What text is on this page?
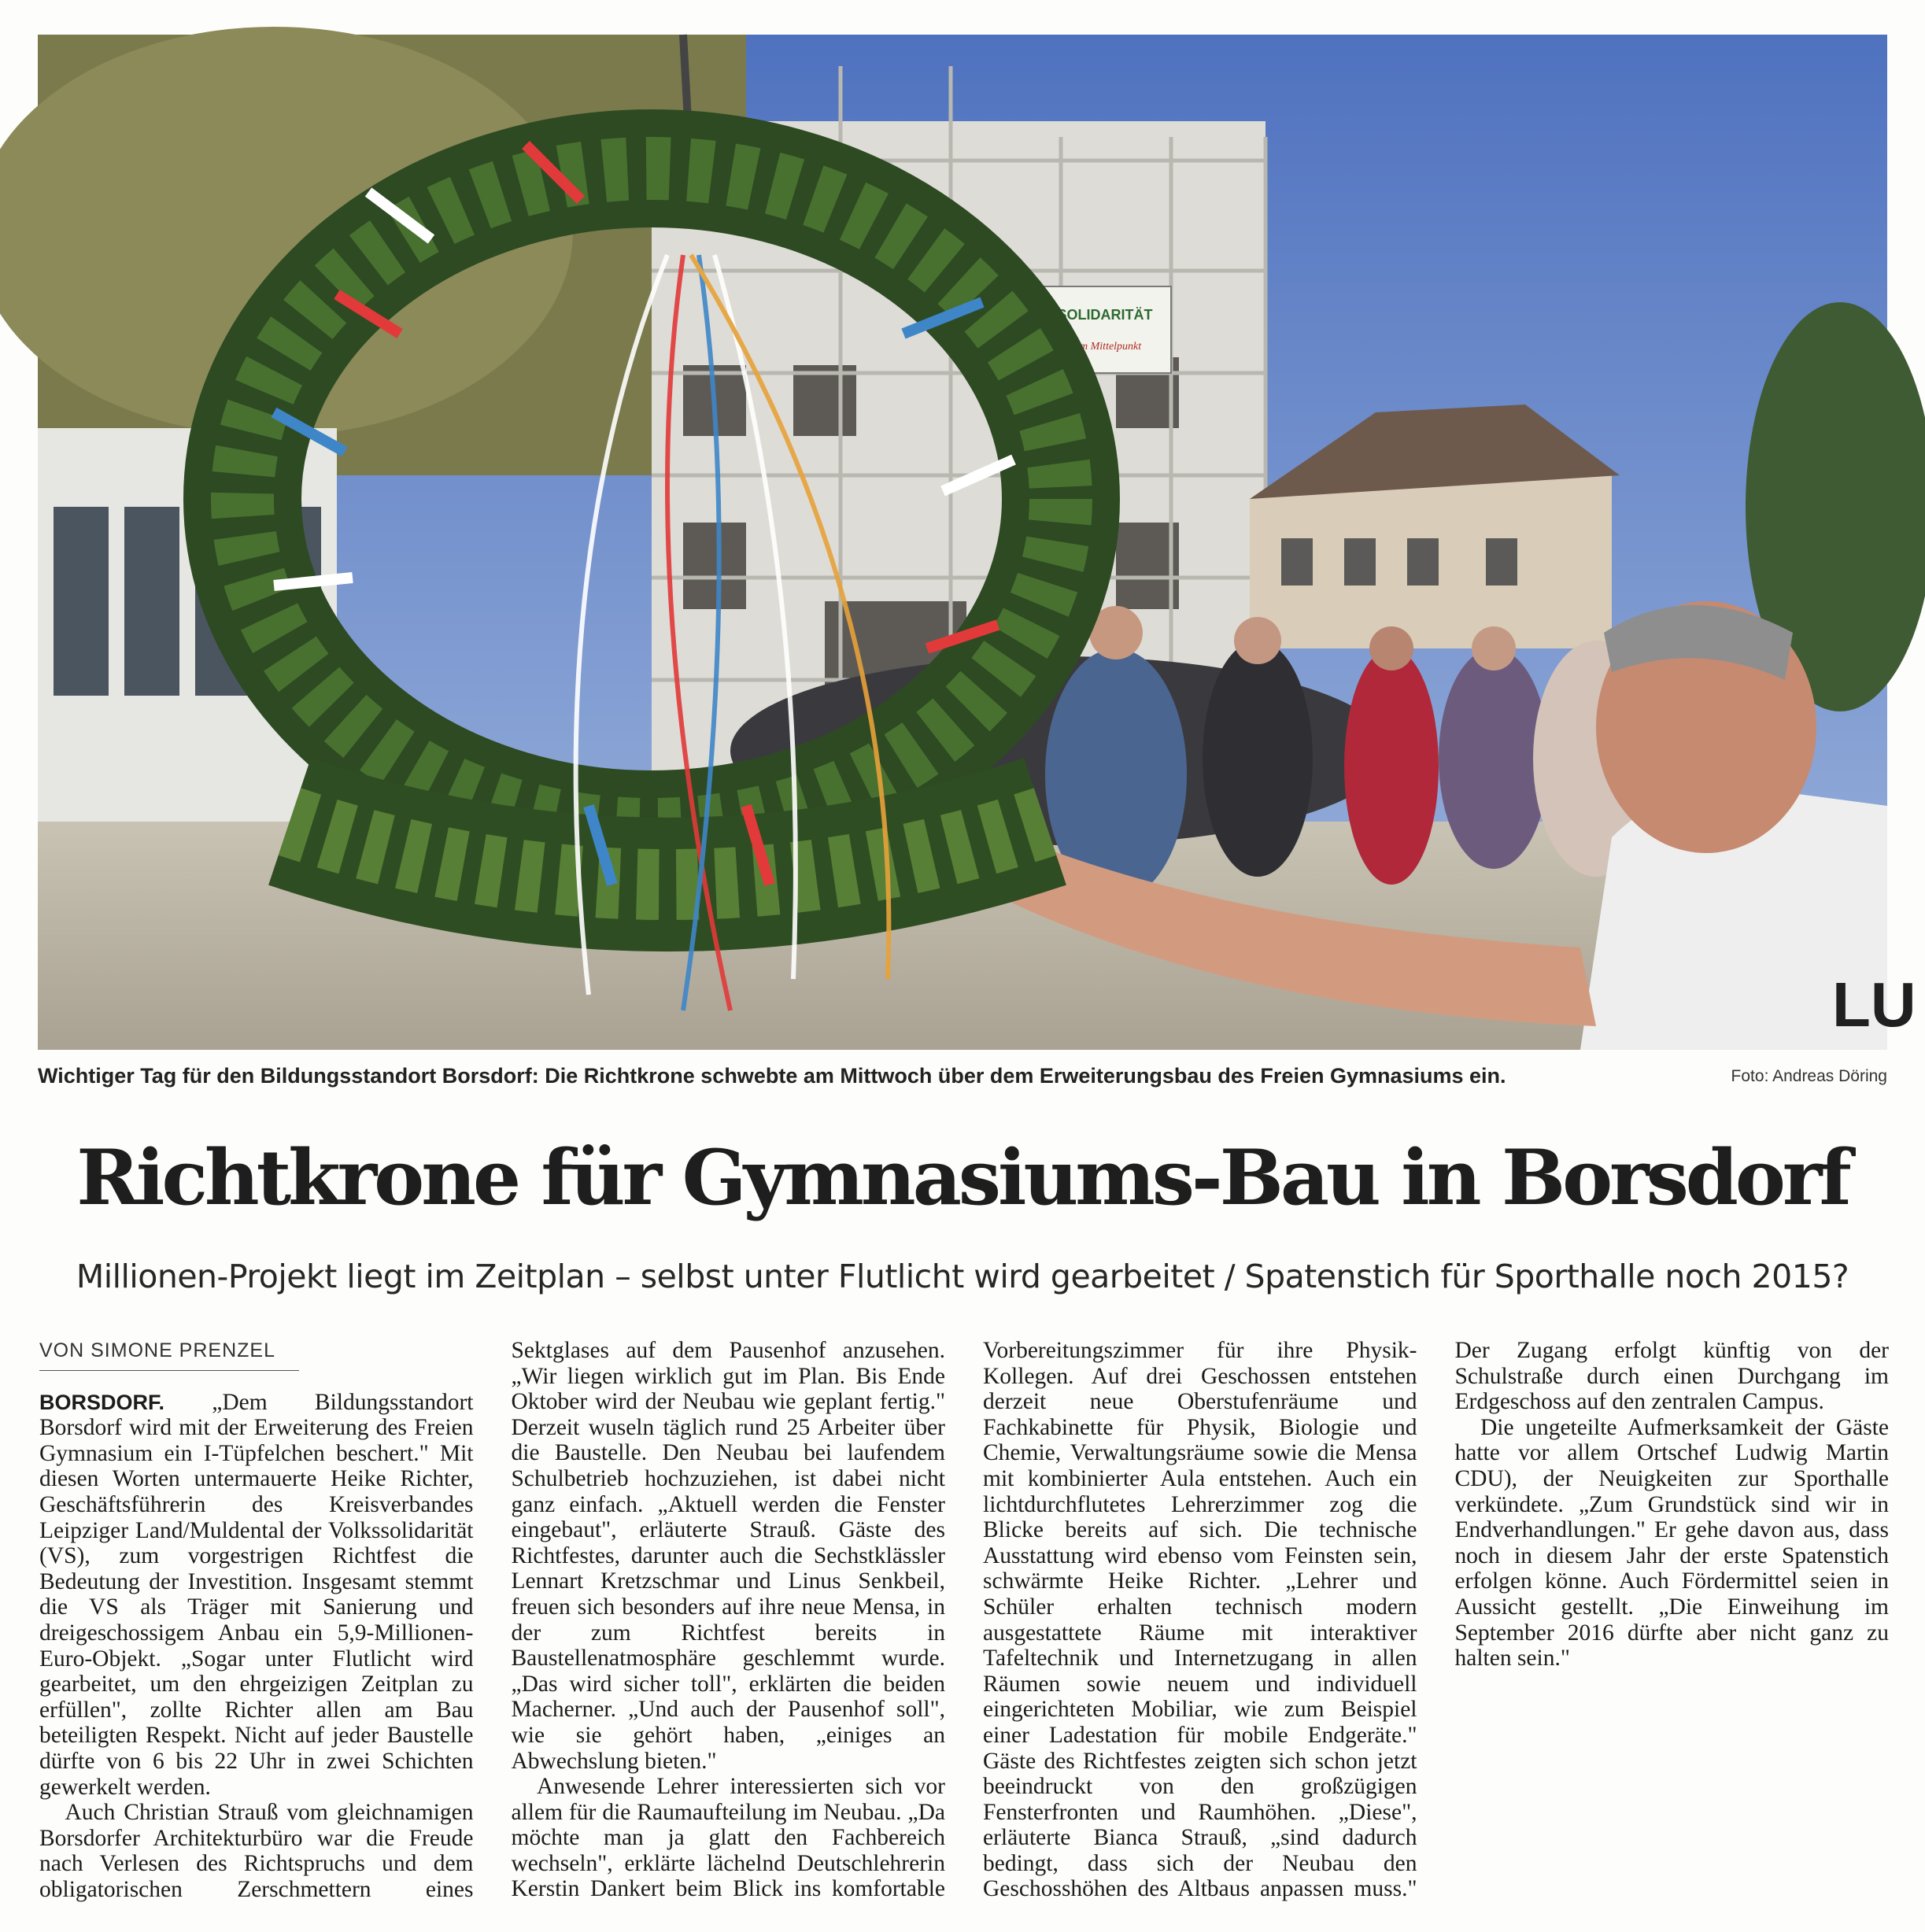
VOLKSSOLIDARITÄT
Der Mensch im Mittelpunkt
LU
Wichtiger Tag für den Bildungsstandort Borsdorf: Die Richtkrone schwebte am Mittwoch über dem Erweiterungsbau des Freien Gymnasiums ein.	Foto: Andreas Döring
Richtkrone für Gymnasiums-Bau in Borsdorf
Millionen-Projekt liegt im Zeitplan – selbst unter Flutlicht wird gearbeitet / Spatenstich für Sporthalle noch 2015?
VON SIMONE PRENZEL

BORSDORF. „Dem Bildungsstandort Borsdorf wird mit der Erweiterung des Freien Gymnasium ein I-Tüpfelchen beschert." Mit diesen Worten untermauerte Heike Richter, Geschäftsführerin des Kreisverbandes Leipziger Land/Muldental der Volkssolidarität (VS), zum vorgestrigen Richtfest die Bedeutung der Investition. Insgesamt stemmt die VS als Träger mit Sanierung und dreigeschossigem Anbau ein 5,9-Millionen-Euro-Objekt. „Sogar unter Flutlicht wird gearbeitet, um den ehrgeizigen Zeitplan zu erfüllen", zollte Richter allen am Bau beteiligten Respekt. Nicht auf jeder Baustelle dürfte von 6 bis 22 Uhr in zwei Schichten gewerkelt werden.

Auch Christian Strauß vom gleichnamigen Borsdorfer Architekturbüro war die Freude nach Verlesen des Richtspruchs und dem obligatorischen Zerschmettern eines Sektglases auf dem Pausenhof anzusehen. „Wir liegen wirklich gut im Plan. Bis Ende Oktober wird der Neubau wie geplant fertig." Derzeit wuseln täglich rund 25 Arbeiter über die Baustelle. Den Neubau bei laufendem Schulbetrieb hochzuziehen, ist dabei nicht ganz einfach. „Aktuell werden die Fenster eingebaut", erläuterte Strauß. Gäste des Richtfestes, darunter auch die Sechstklässler Lennart Kretzschmar und Linus Senkbeil, freuen sich besonders auf ihre neue Mensa, in der zum Richtfest bereits in Baustellenatmosphäre geschlemmt wurde. „Das wird sicher toll", erklärten die beiden Macherner. „Und auch der Pausenhof soll", wie sie gehört haben, „einiges an Abwechslung bieten."

Anwesende Lehrer interessierten sich vor allem für die Raumaufteilung im Neubau. „Da möchte man ja glatt den Fachbereich wechseln", erklärte lächelnd Deutschlehrerin Kerstin Dankert beim Blick ins komfortable Vorbereitungszimmer für ihre Physik-Kollegen. Auf drei Geschossen entstehen derzeit neue Oberstufenräume und Fachkabinette für Physik, Biologie und Chemie, Verwaltungsräume sowie die Mensa mit kombinierter Aula entstehen. Auch ein lichtdurchflutetes Lehrerzimmer zog die Blicke bereits auf sich. Die technische Ausstattung wird ebenso vom Feinsten sein, schwärmte Heike Richter. „Lehrer und Schüler erhalten technisch modern ausgestattete Räume mit interaktiver Tafeltechnik und Internetzugang in allen Räumen sowie neuem und individuell eingerichteten Mobiliar, wie zum Beispiel einer Ladestation für mobile Endgeräte." Gäste des Richtfestes zeigten sich schon jetzt beeindruckt von den großzügigen Fensterfronten und Raumhöhen. „Diese", erläuterte Bianca Strauß, „sind dadurch bedingt, dass sich der Neubau den Geschosshöhen des Altbaus anpassen muss." Der Zugang erfolgt künftig von der Schulstraße durch einen Durchgang im Erdgeschoss auf den zentralen Campus.

Die ungeteilte Aufmerksamkeit der Gäste hatte vor allem Ortschef Ludwig Martin CDU), der Neuigkeiten zur Sporthalle verkündete. „Zum Grundstück sind wir in Endverhandlungen." Er gehe davon aus, dass noch in diesem Jahr der erste Spatenstich erfolgen könne. Auch Fördermittel seien in Aussicht gestellt. „Die Einweihung im September 2016 dürfte aber nicht ganz zu halten sein."
